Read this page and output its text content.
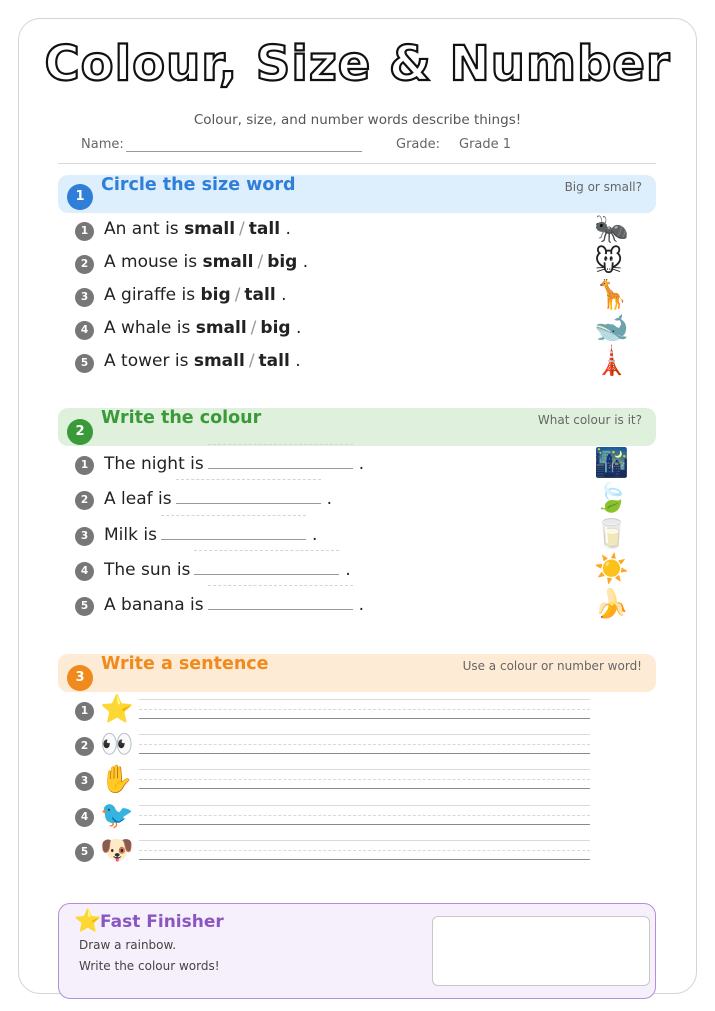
Colour, Size & Number
Colour, size, and number words describe things!
Name:	Grade: Grade 1
1
Circle the size word	Big or small?
1 An ant is small / tall .	🐜
2 A mouse is small / big .	🐭
3 A giraffe is big / tall .	🦒
4 A whale is small / big .	🐋
5 A tower is small / tall .	🗼
2
Write the colour	What colour is it?
1 The night is	.	🌃
2 A leaf is	.	🍃
3 Milk is	.	🥛
4 The sun is	.	☀️
5 A banana is	.	🍌
3
Write a sentence	Use a colour or number word!
1 ⭐
2 👀
3 ✋
4 🐦
5 🐶
⭐
Fast Finisher
Draw a rainbow.
Write the colour words!
